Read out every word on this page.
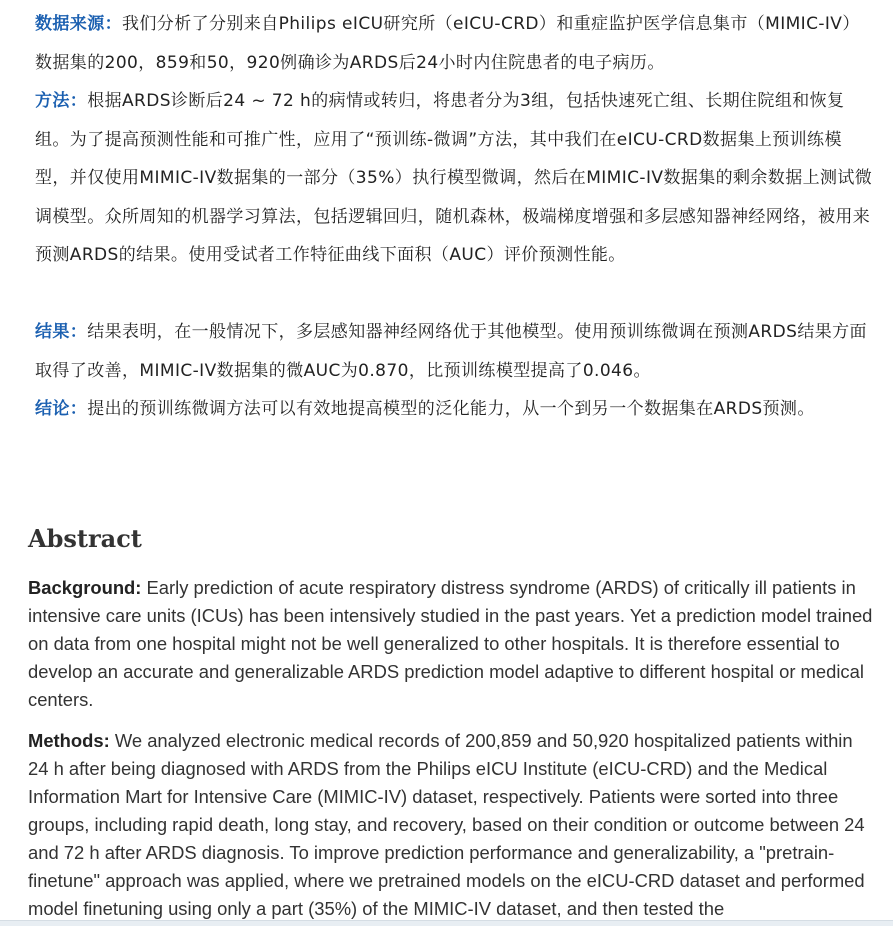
数据来源：我们分析了分别来自Philips eICU研究所（eICU-CRD）和重症监护医学信息集市（MIMIC-IV）数据集的200，859和50，920例确诊为ARDS后24小时内住院患者的电子病历。
方法：根据ARDS诊断后24 ~ 72 h的病情或转归，将患者分为3组，包括快速死亡组、长期住院组和恢复组。为了提高预测性能和可推广性，应用了“预训练-微调”方法，其中我们在eICU-CRD数据集上预训练模型，并仅使用MIMIC-IV数据集的一部分（35%）执行模型微调，然后在MIMIC-IV数据集的剩余数据上测试微调模型。众所周知的机器学习算法，包括逻辑回归，随机森林，极端梯度增强和多层感知器神经网络，被用来预测ARDS的结果。使用受试者工作特征曲线下面积（AUC）评价预测性能。
结果：结果表明，在一般情况下，多层感知器神经网络优于其他模型。使用预训练微调在预测ARDS结果方面取得了改善，MIMIC-IV数据集的微AUC为0.870，比预训练模型提高了0.046。
结论：提出的预训练微调方法可以有效地提高模型的泛化能力，从一个到另一个数据集在ARDS预测。
Abstract

Background: Early prediction of acute respiratory distress syndrome (ARDS) of critically ill patients in intensive care units (ICUs) has been intensively studied in the past years. Yet a prediction model trained on data from one hospital might not be well generalized to other hospitals. It is therefore essential to develop an accurate and generalizable ARDS prediction model adaptive to different hospital or medical centers.

Methods: We analyzed electronic medical records of 200,859 and 50,920 hospitalized patients within 24 h after being diagnosed with ARDS from the Philips eICU Institute (eICU-CRD) and the Medical Information Mart for Intensive Care (MIMIC-IV) dataset, respectively. Patients were sorted into three groups, including rapid death, long stay, and recovery, based on their condition or outcome between 24 and 72 h after ARDS diagnosis. To improve prediction performance and generalizability, a "pretrain-finetune" approach was applied, where we pretrained models on the eICU-CRD dataset and performed model finetuning using only a part (35%) of the MIMIC-IV dataset, and then tested the
